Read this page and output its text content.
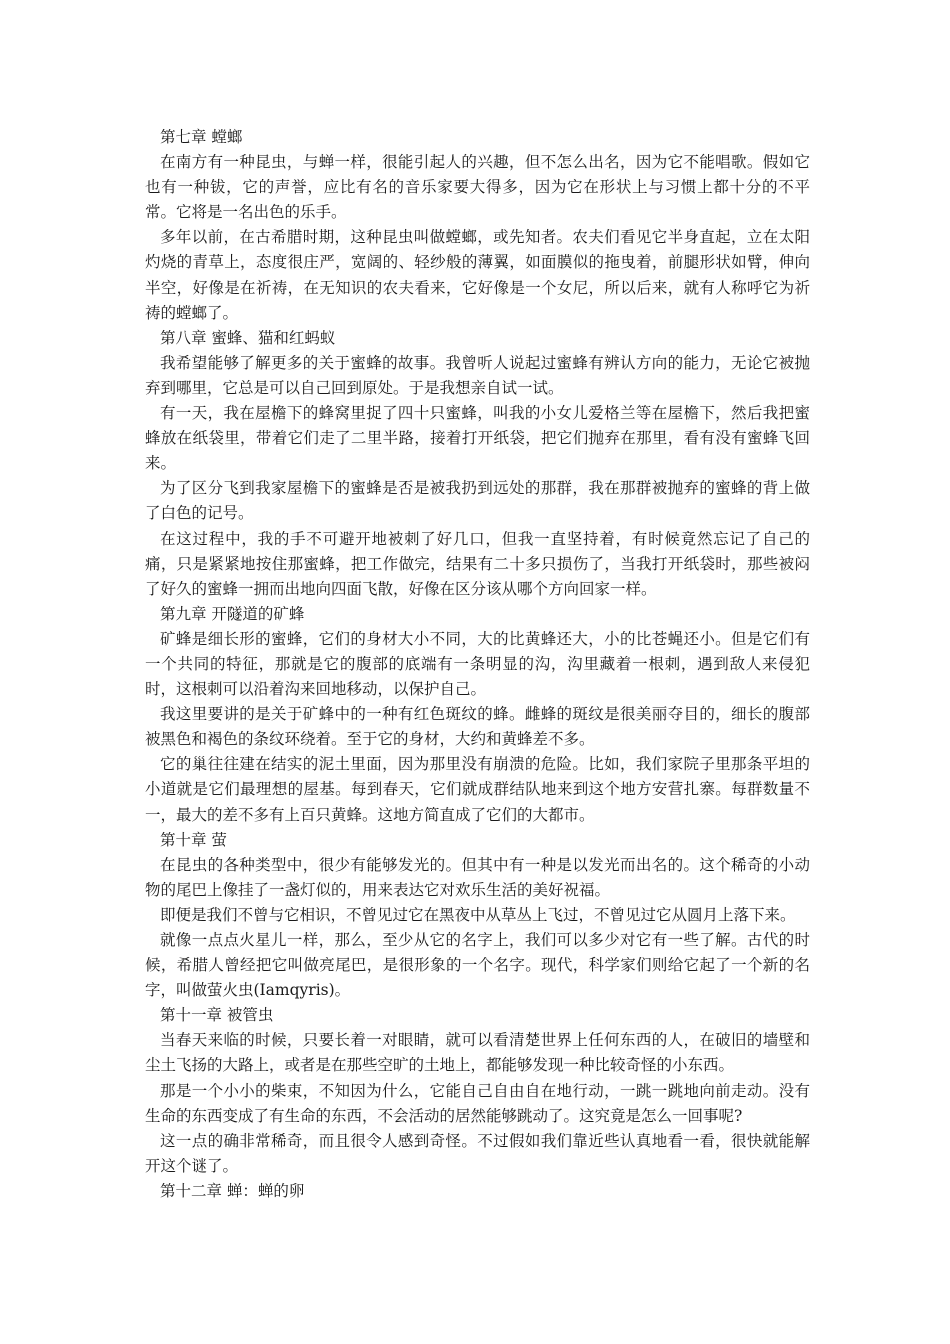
第七章 螳螂

在南方有一种昆虫，与蝉一样，很能引起人的兴趣，但不怎么出名，因为它不能唱歌。假如它也有一种钹，它的声誉，应比有名的音乐家要大得多，因为它在形状上与习惯上都十分的不平常。它将是一名出色的乐手。

多年以前，在古希腊时期，这种昆虫叫做螳螂，或先知者。农夫们看见它半身直起，立在太阳灼烧的青草上，态度很庄严，宽阔的、轻纱般的薄翼，如面膜似的拖曳着，前腿形状如臂，伸向半空，好像是在祈祷，在无知识的农夫看来，它好像是一个女尼，所以后来，就有人称呼它为祈祷的螳螂了。

第八章 蜜蜂、猫和红蚂蚁

我希望能够了解更多的关于蜜蜂的故事。我曾听人说起过蜜蜂有辨认方向的能力，无论它被抛弃到哪里，它总是可以自己回到原处。于是我想亲自试一试。

有一天，我在屋檐下的蜂窝里捉了四十只蜜蜂，叫我的小女儿爱格兰等在屋檐下，然后我把蜜蜂放在纸袋里，带着它们走了二里半路，接着打开纸袋，把它们抛弃在那里，看有没有蜜蜂飞回来。

为了区分飞到我家屋檐下的蜜蜂是否是被我扔到远处的那群，我在那群被抛弃的蜜蜂的背上做了白色的记号。

在这过程中，我的手不可避开地被刺了好几口，但我一直坚持着，有时候竟然忘记了自己的痛，只是紧紧地按住那蜜蜂，把工作做完，结果有二十多只损伤了，当我打开纸袋时，那些被闷了好久的蜜蜂一拥而出地向四面飞散，好像在区分该从哪个方向回家一样。

第九章 开隧道的矿蜂

矿蜂是细长形的蜜蜂，它们的身材大小不同，大的比黄蜂还大，小的比苍蝇还小。但是它们有一个共同的特征，那就是它的腹部的底端有一条明显的沟，沟里藏着一根刺，遇到敌人来侵犯时，这根刺可以沿着沟来回地移动，以保护自己。

我这里要讲的是关于矿蜂中的一种有红色斑纹的蜂。雌蜂的斑纹是很美丽夺目的，细长的腹部被黑色和褐色的条纹环绕着。至于它的身材，大约和黄蜂差不多。

它的巢往往建在结实的泥土里面，因为那里没有崩溃的危险。比如，我们家院子里那条平坦的小道就是它们最理想的屋基。每到春天，它们就成群结队地来到这个地方安营扎寨。每群数量不一，最大的差不多有上百只黄蜂。这地方简直成了它们的大都市。

第十章 萤

在昆虫的各种类型中，很少有能够发光的。但其中有一种是以发光而出名的。这个稀奇的小动物的尾巴上像挂了一盏灯似的，用来表达它对欢乐生活的美好祝福。

即便是我们不曾与它相识，不曾见过它在黑夜中从草丛上飞过，不曾见过它从圆月上落下来。

就像一点点火星儿一样，那么，至少从它的名字上，我们可以多少对它有一些了解。古代的时候，希腊人曾经把它叫做亮尾巴，是很形象的一个名字。现代，科学家们则给它起了一个新的名字，叫做萤火虫(Iamqyris)。

第十一章 被管虫

当春天来临的时候，只要长着一对眼睛，就可以看清楚世界上任何东西的人，在破旧的墙壁和尘土飞扬的大路上，或者是在那些空旷的土地上，都能够发现一种比较奇怪的小东西。

那是一个小小的柴束，不知因为什么，它能自己自由自在地行动，一跳一跳地向前走动。没有生命的东西变成了有生命的东西，不会活动的居然能够跳动了。这究竟是怎么一回事呢?

这一点的确非常稀奇，而且很令人感到奇怪。不过假如我们靠近些认真地看一看，很快就能解开这个谜了。

第十二章 蝉：蝉的卵
